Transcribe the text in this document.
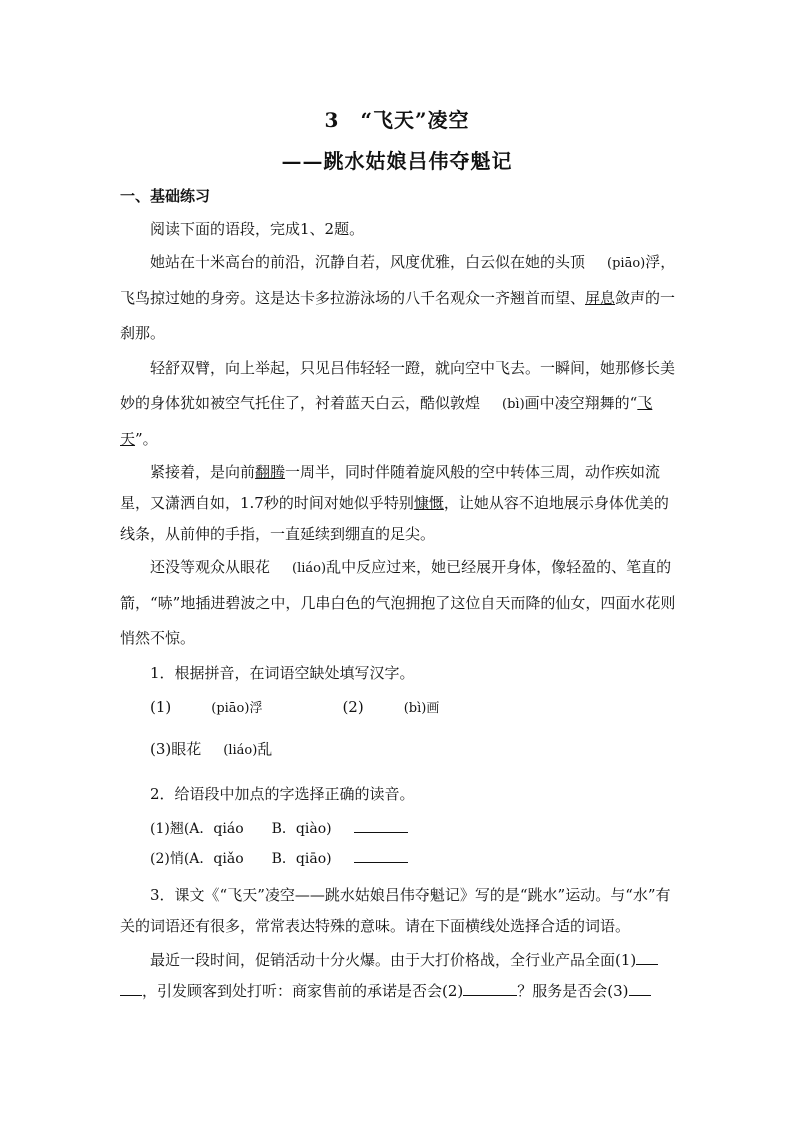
3　“飞天”凌空
——跳水姑娘吕伟夺魁记
一、基础练习

阅读下面的语段，完成1、2题。

她站在十米高台的前沿，沉静自若，风度优雅，白云似在她的头顶 (piāo)浮，飞鸟掠过她的身旁。这是达卡多拉游泳场的八千名观众一齐翘首而望、屏息敛声的一刹那。

轻舒双臂，向上举起，只见吕伟轻轻一蹬，就向空中飞去。一瞬间，她那修长美妙的身体犹如被空气托住了，衬着蓝天白云，酷似敦煌 (bì)画中凌空翔舞的“飞天”。

紧接着，是向前翻腾一周半，同时伴随着旋风般的空中转体三周，动作疾如流星，又潇洒自如，1.7秒的时间对她似乎特别慷慨，让她从容不迫地展示身体优美的线条，从前伸的手指，一直延续到绷直的足尖。

还没等观众从眼花 (liáo)乱中反应过来，她已经展开身体，像轻盈的、笔直的箭，“哧”地插进碧波之中，几串白色的气泡拥抱了这位自天而降的仙女，四面水花则悄然不惊。

1．根据拼音，在词语空缺处填写汉字。

(1)	(piāo)浮	(2)	(bì)画

(3)眼花 (liáo)乱

2．给语段中加点的字选择正确的读音。

(1)翘(A．qiáo　　B．qiào)

(2)悄(A．qiǎo　　B．qiāo)

3．课文《“飞天”凌空——跳水姑娘吕伟夺魁记》写的是“跳水”运动。与“水”有关的词语还有很多，常常表达特殊的意味。请在下面横线处选择合适的词语。

最近一段时间，促销活动十分火爆。由于大打价格战，全行业产品全面(1) ，引发顾客到处打听：商家售前的承诺是否会(2)	？服务是否会(3)
